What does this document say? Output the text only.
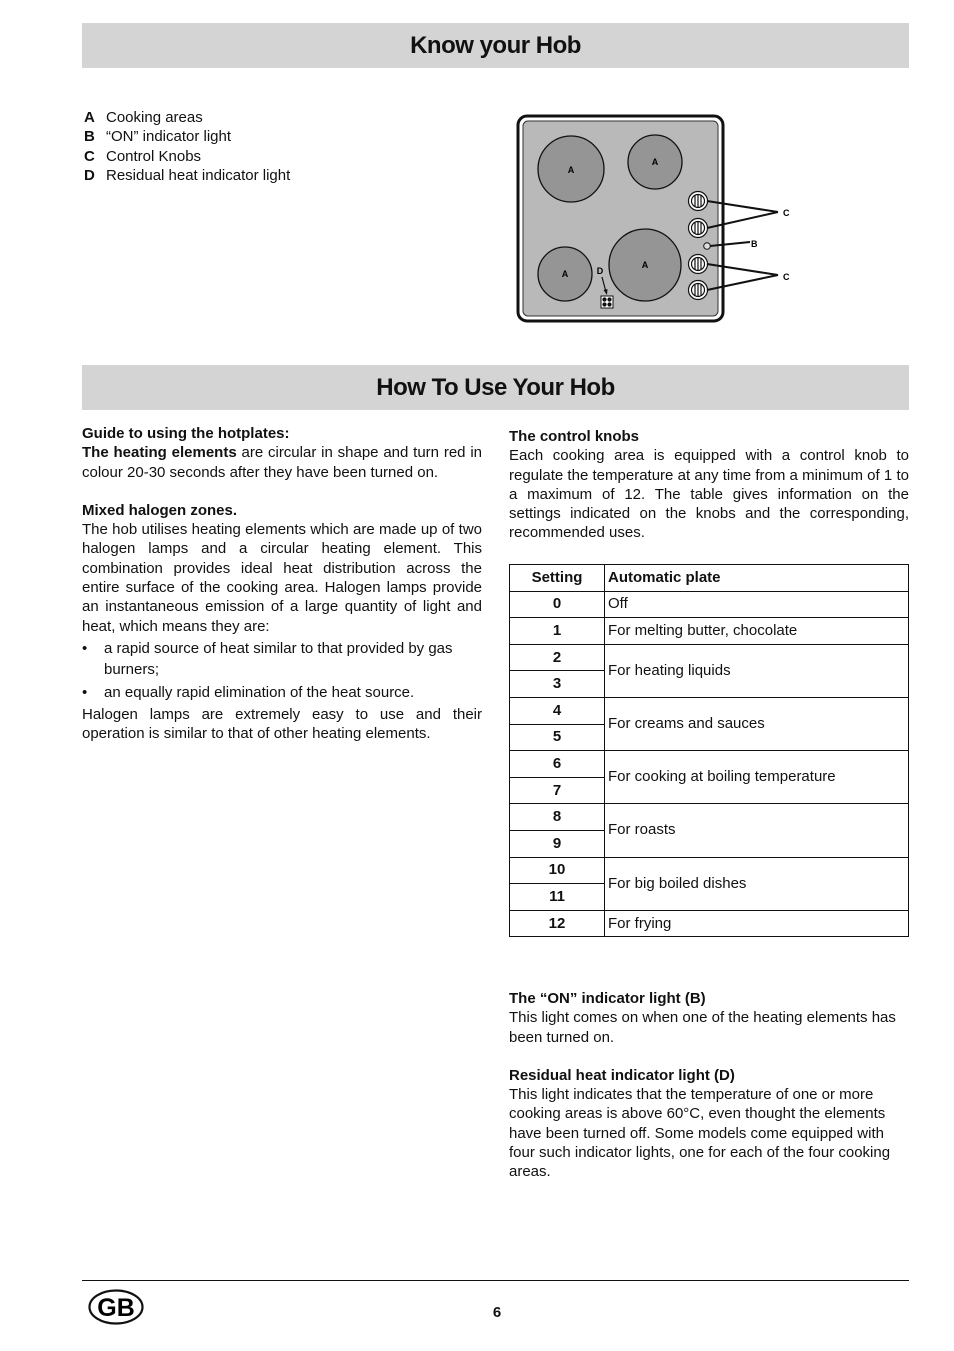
Know your Hob
A Cooking areas
B “ON” indicator light
C Control Knobs
D Residual heat indicator light	A
A
A
A
D
C
B
C
How To Use Your Hob
Guide to using the hotplates:
The heating elements are circular in shape and turn red in colour 20-30 seconds after they have been turned on.
Mixed halogen zones.
The hob utilises heating elements which are made up of two halogen lamps and a circular heating element. This combination provides ideal heat distribution across the entire surface of the cooking area. Halogen lamps provide an instantaneous emission of a large quantity of light and heat, which means they are:
• a rapid source of heat similar to that provided by gas burners;
• an equally rapid elimination of the heat source.
Halogen lamps are extremely easy to use and their operation is similar to that of other heating elements.
The control knobs
Each cooking area is equipped with a control knob to regulate the temperature at any time from a minimum of 1 to a maximum of 12. The table gives information on the settings indicated on the knobs and the corresponding, recommended uses.
Setting	Automatic plate
0	Off
1	For melting butter, chocolate
2	For heating liquids
3	
4	For creams and sauces
5	
6	For cooking at boiling temperature
7	
8	For roasts
9	
10	For big boiled dishes
11	
12	For frying
The “ON” indicator light (B)
This light comes on when one of the heating elements has been turned on.
Residual heat indicator light (D)
This light indicates that the temperature of one or more cooking areas is above 60°C, even thought the elements have been turned off. Some models come equipped with four such indicator lights, one for each of the four cooking areas.
GB	6
